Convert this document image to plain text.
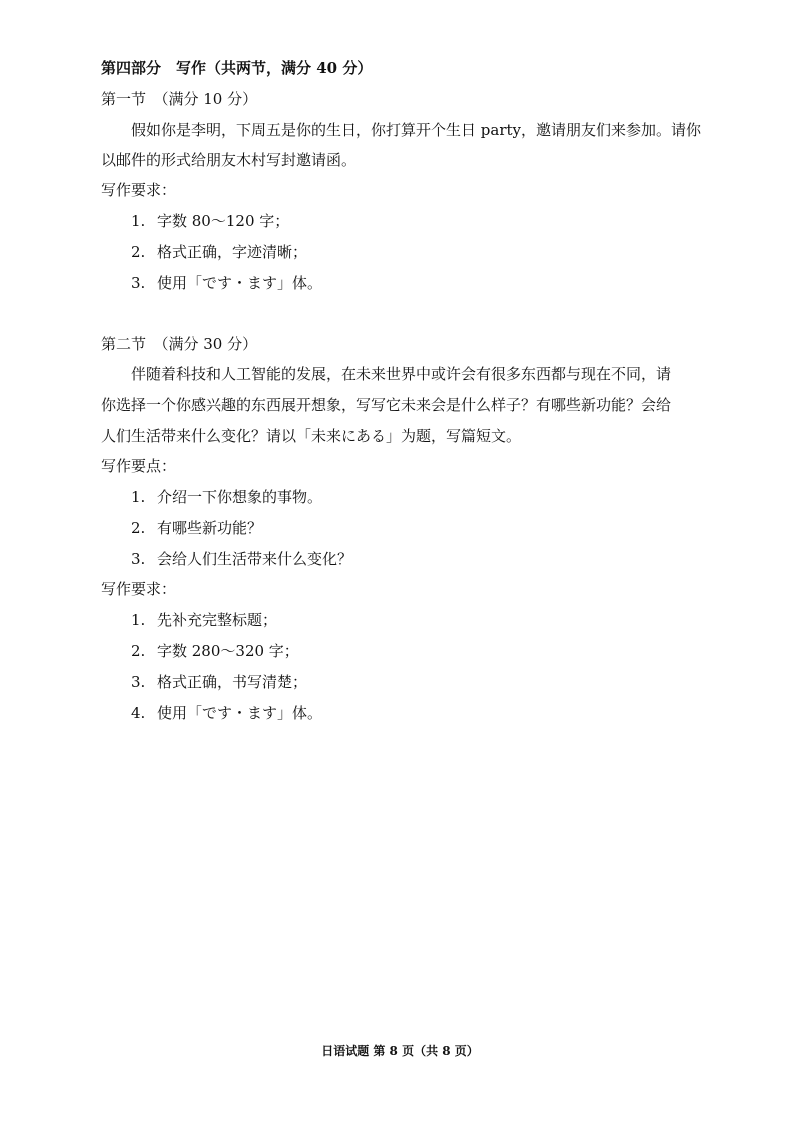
第四部分　写作（共两节，满分 40 分）
第一节　（满分 10 分）
假如你是李明，下周五是你的生日，你打算开个生日 party，邀请朋友们来参加。请你
以邮件的形式给朋友木村写封邀请函。
写作要求：
1. 字数 80～120 字；
2. 格式正确，字迹清晰；
3. 使用「です・ます」体。
第二节　（满分 30 分）
伴随着科技和人工智能的发展，在未来世界中或许会有很多东西都与现在不同，请
你选择一个你感兴趣的东西展开想象，写写它未来会是什么样子？有哪些新功能？会给
人们生活带来什么变化？请以「未来にある」为题，写篇短文。
写作要点：
1. 介绍一下你想象的事物。
2. 有哪些新功能？
3. 会给人们生活带来什么变化？
写作要求：
1. 先补充完整标题；
2. 字数 280～320 字；
3. 格式正确，书写清楚；
4. 使用「です・ます」体。
日语试题 第 8 页（共 8 页）
